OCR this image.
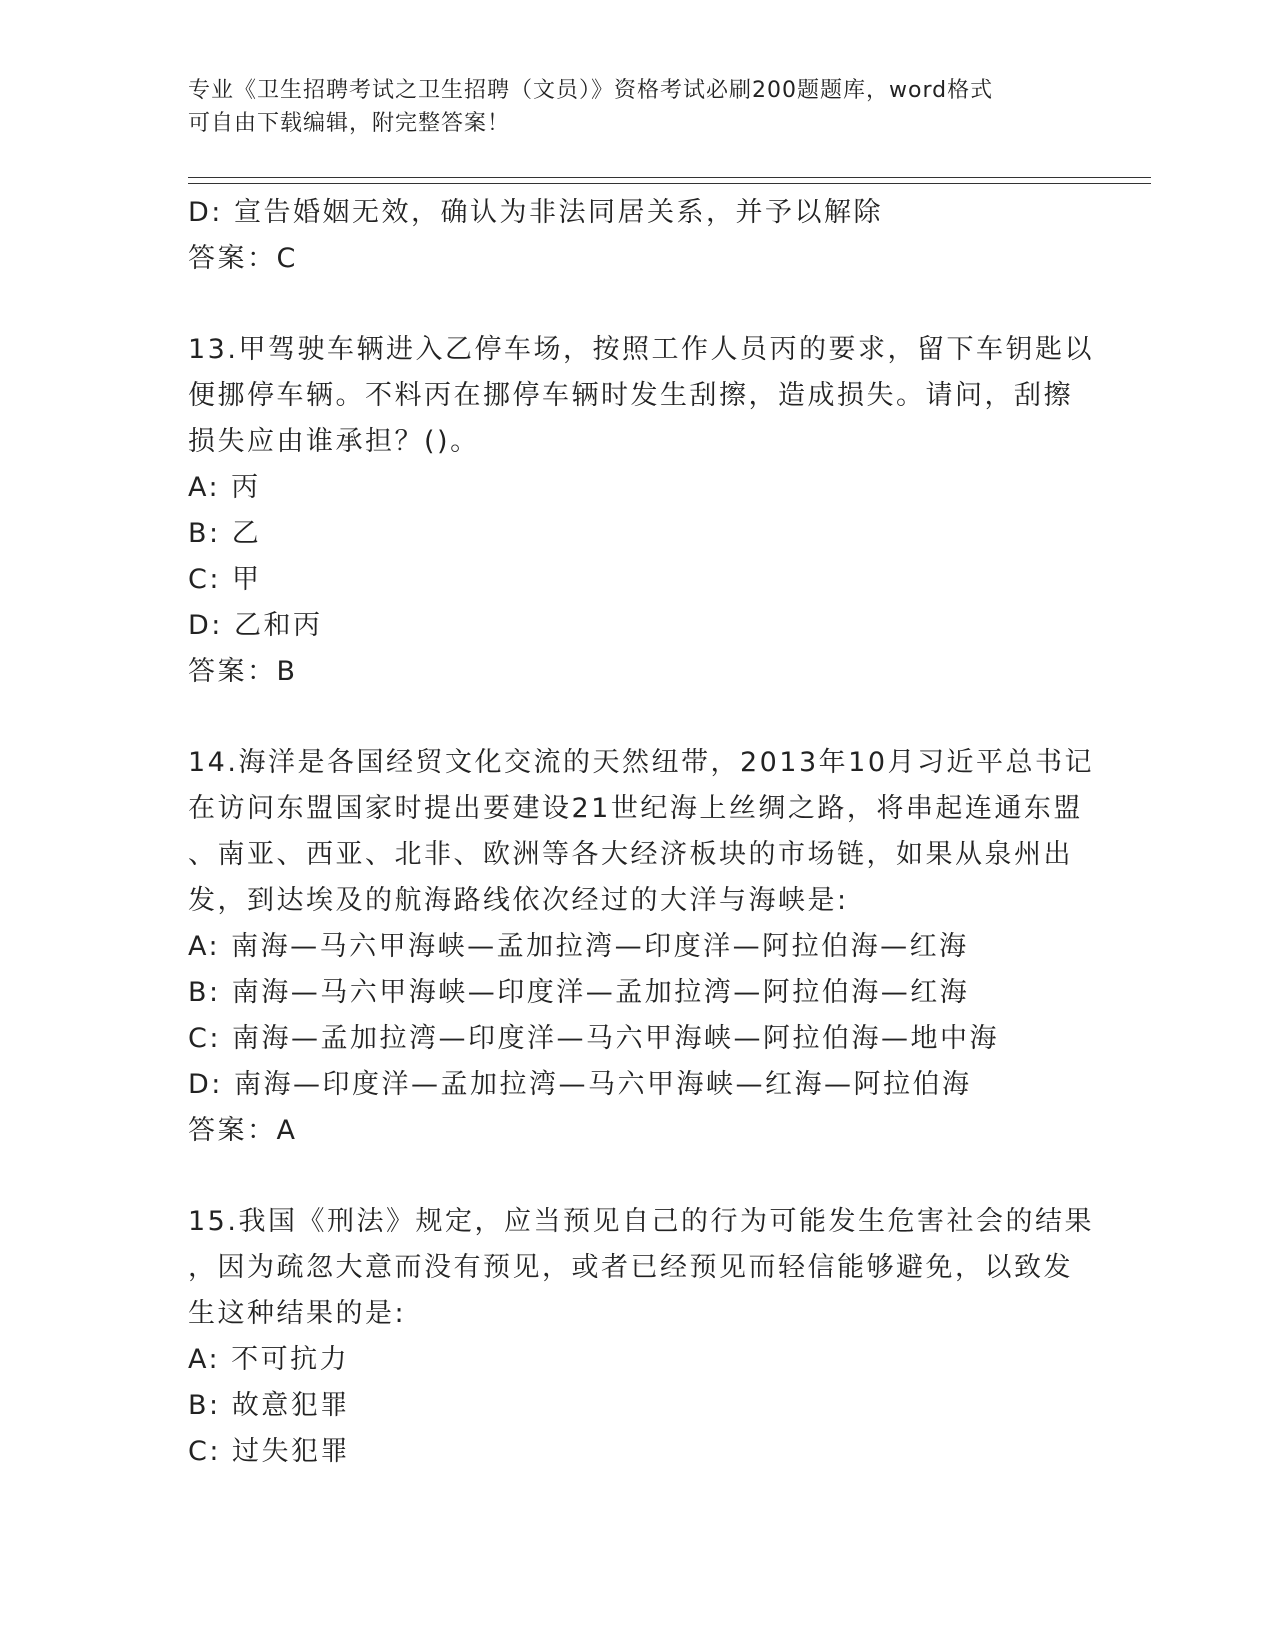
专业《卫生招聘考试之卫生招聘（文员）》资格考试必刷200题题库，word格式
可自由下载编辑，附完整答案！
D: 宣告婚姻无效，确认为非法同居关系，并予以解除
答案：C
13.甲驾驶车辆进入乙停车场，按照工作人员丙的要求，留下车钥匙以
便挪停车辆。不料丙在挪停车辆时发生刮擦，造成损失。请问，刮擦
损失应由谁承担？()。
A: 丙
B: 乙
C: 甲
D: 乙和丙
答案：B
14.海洋是各国经贸文化交流的天然纽带，2013年10月习近平总书记
在访问东盟国家时提出要建设21世纪海上丝绸之路，将串起连通东盟
、南亚、西亚、北非、欧洲等各大经济板块的市场链，如果从泉州出
发，到达埃及的航海路线依次经过的大洋与海峡是:
A: 南海—马六甲海峡—孟加拉湾—印度洋—阿拉伯海—红海
B: 南海—马六甲海峡—印度洋—孟加拉湾—阿拉伯海—红海
C: 南海—孟加拉湾—印度洋—马六甲海峡—阿拉伯海—地中海
D: 南海—印度洋—孟加拉湾—马六甲海峡—红海—阿拉伯海
答案：A
15.我国《刑法》规定，应当预见自己的行为可能发生危害社会的结果
，因为疏忽大意而没有预见，或者已经预见而轻信能够避免，以致发
生这种结果的是:
A: 不可抗力
B: 故意犯罪
C: 过失犯罪
